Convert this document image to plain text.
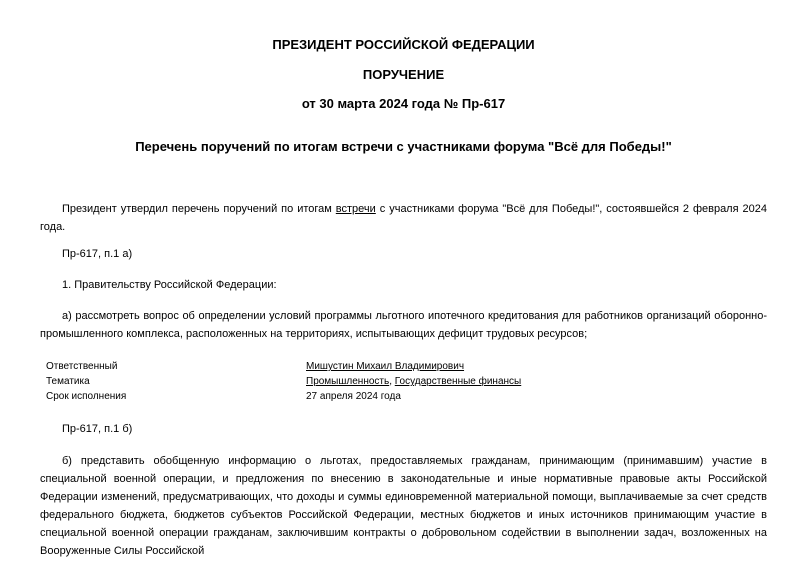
ПРЕЗИДЕНТ РОССИЙСКОЙ ФЕДЕРАЦИИ
ПОРУЧЕНИЕ
от 30 марта 2024 года № Пр-617
Перечень поручений по итогам встречи с участниками форума "Всё для Победы!"
Президент утвердил перечень поручений по итогам встречи с участниками форума "Всё для Победы!", состоявшейся 2 февраля 2024 года.
Пр-617, п.1 а)
1. Правительству Российской Федерации:
а) рассмотреть вопрос об определении условий программы льготного ипотечного кредитования для работников организаций оборонно-промышленного комплекса, расположенных на территориях, испытывающих дефицит трудовых ресурсов;
Ответственный	Мишустин Михаил Владимирович
Тематика	Промышленность, Государственные финансы
Срок исполнения	27 апреля 2024 года
Пр-617, п.1 б)
б) представить обобщенную информацию о льготах, предоставляемых гражданам, принимающим (принимавшим) участие в специальной военной операции, и предложения по внесению в законодательные и иные нормативные правовые акты Российской Федерации изменений, предусматривающих, что доходы и суммы единовременной материальной помощи, выплачиваемые за счет средств федерального бюджета, бюджетов субъектов Российской Федерации, местных бюджетов и иных источников принимающим участие в специальной военной операции гражданам, заключившим контракты о добровольном содействии в выполнении задач, возложенных на Вооруженные Силы Российской
